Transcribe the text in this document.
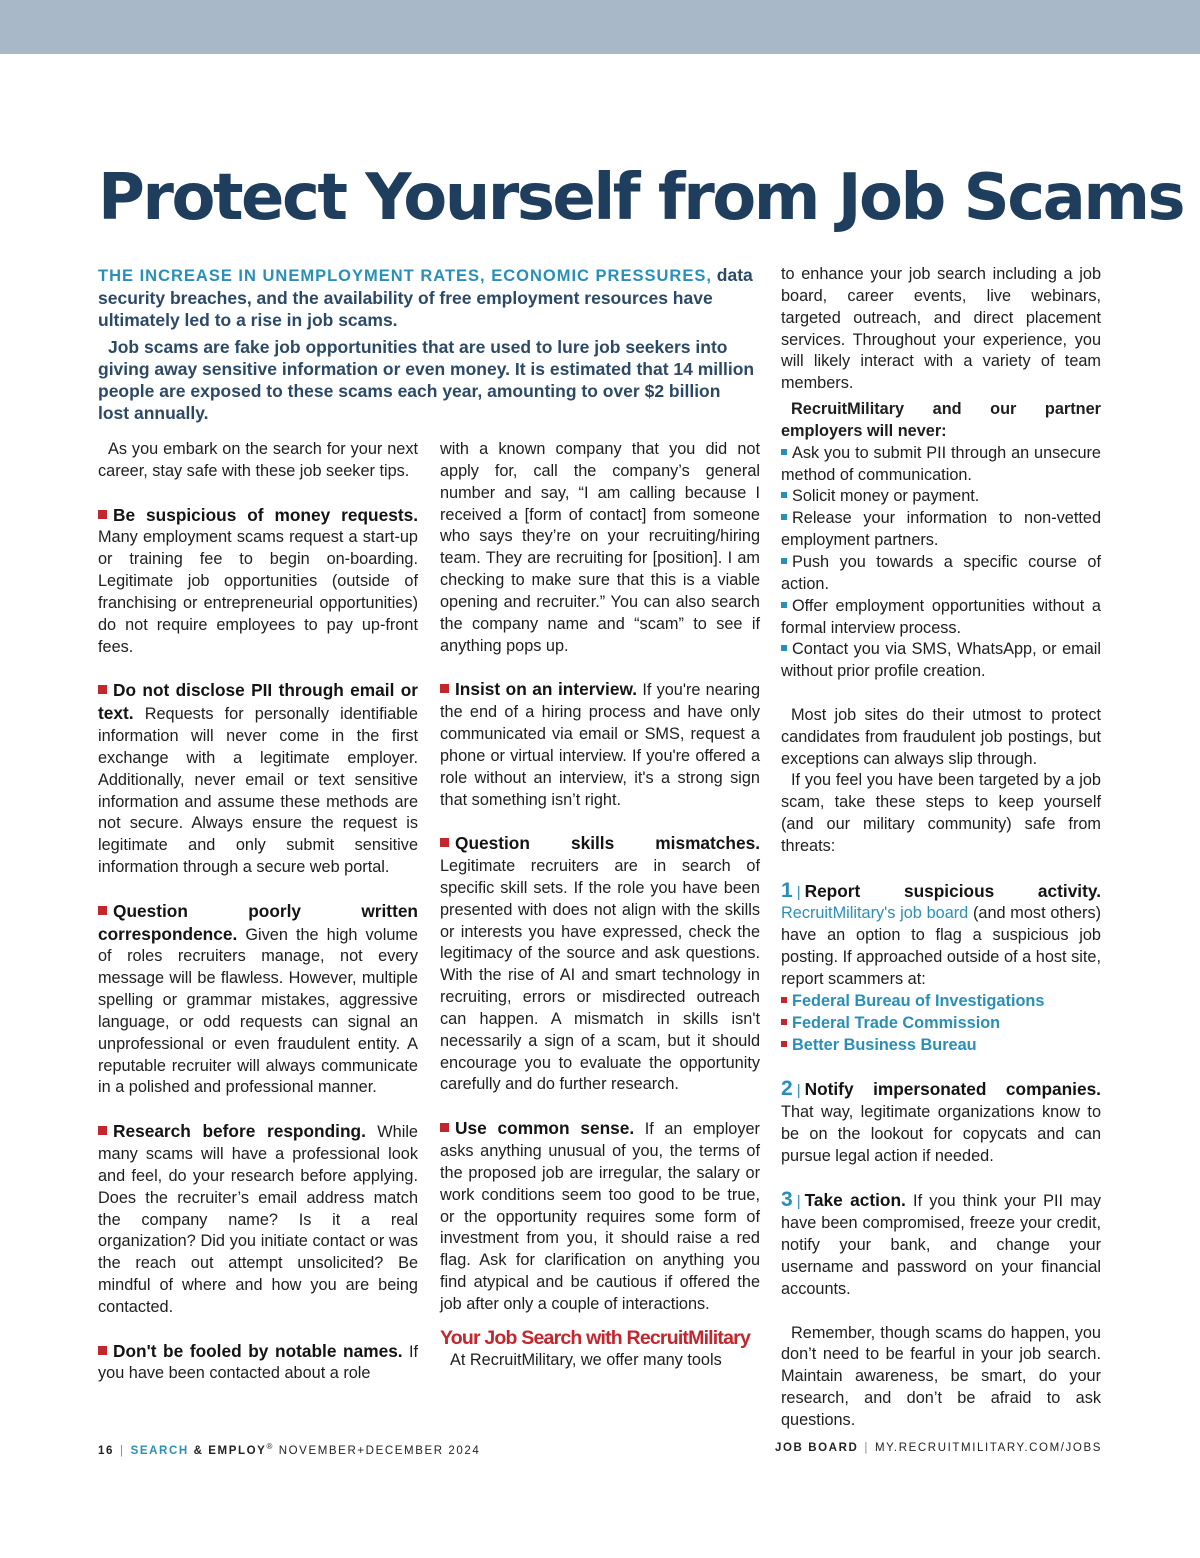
Protect Yourself from Job Scams

THE INCREASE IN UNEMPLOYMENT RATES, ECONOMIC PRESSURES, data security breaches, and the availability of free employment resources have ultimately led to a rise in job scams.

Job scams are fake job opportunities that are used to lure job seekers into giving away sensitive information or even money. It is estimated that 14 million people are exposed to these scams each year, amounting to over $2 billion lost annually.

As you embark on the search for your next career, stay safe with these job seeker tips.

Be suspicious of money requests. Many employment scams request a start-up or training fee to begin on-boarding. Legitimate job opportunities (outside of franchising or entrepreneurial opportunities) do not require employees to pay up-front fees.

Do not disclose PII through email or text. Requests for personally identifiable information will never come in the first exchange with a legitimate employer. Additionally, never email or text sensitive information and assume these methods are not secure. Always ensure the request is legitimate and only submit sensitive information through a secure web portal.

Question poorly written correspondence. Given the high volume of roles recruiters manage, not every message will be flawless. However, multiple spelling or grammar mistakes, aggressive language, or odd requests can signal an unprofessional or even fraudulent entity. A reputable recruiter will always communicate in a polished and professional manner.

Research before responding. While many scams will have a professional look and feel, do your research before applying. Does the recruiter’s email address match the company name? Is it a real organization? Did you initiate contact or was the reach out attempt unsolicited? Be mindful of where and how you are being contacted.

Don't be fooled by notable names. If you have been contacted about a role

with a known company that you did not apply for, call the company’s general number and say, “I am calling because I received a [form of contact] from someone who says they’re on your recruiting/hiring team. They are recruiting for [position]. I am checking to make sure that this is a viable opening and recruiter.” You can also search the company name and “scam” to see if anything pops up.

Insist on an interview. If you're nearing the end of a hiring process and have only communicated via email or SMS, request a phone or virtual interview. If you're offered a role without an interview, it's a strong sign that something isn’t right.

Question skills mismatches. Legitimate recruiters are in search of specific skill sets. If the role you have been presented with does not align with the skills or interests you have expressed, check the legitimacy of the source and ask questions. With the rise of AI and smart technology in recruiting, errors or misdirected outreach can happen. A mismatch in skills isn't necessarily a sign of a scam, but it should encourage you to evaluate the opportunity carefully and do further research.

Use common sense. If an employer asks anything unusual of you, the terms of the proposed job are irregular, the salary or work conditions seem too good to be true, or the opportunity requires some form of investment from you, it should raise a red flag. Ask for clarification on anything you find atypical and be cautious if offered the job after only a couple of interactions.

Your Job Search with RecruitMilitary

At RecruitMilitary, we offer many tools

to enhance your job search including a job board, career events, live webinars, targeted outreach, and direct placement services. Throughout your experience, you will likely interact with a variety of team members.

RecruitMilitary and our partner employers will never:

Ask you to submit PII through an unsecure method of communication.

Solicit money or payment.

Release your information to non-vetted employment partners.

Push you towards a specific course of action.

Offer employment opportunities without a formal interview process.

Contact you via SMS, WhatsApp, or email without prior profile creation.

Most job sites do their utmost to protect candidates from fraudulent job postings, but exceptions can always slip through.

If you feel you have been targeted by a job scam, take these steps to keep yourself (and our military community) safe from threats:

1 | Report suspicious activity. RecruitMilitary's job board (and most others) have an option to flag a suspicious job posting. If approached outside of a host site, report scammers at:

Federal Bureau of Investigations

Federal Trade Commission

Better Business Bureau

2 | Notify impersonated companies. That way, legitimate organizations know to be on the lookout for copycats and can pursue legal action if needed.

3 | Take action. If you think your PII may have been compromised, freeze your credit, notify your bank, and change your username and password on your financial accounts.

Remember, though scams do happen, you don’t need to be fearful in your job search. Maintain awareness, be smart, do your research, and don’t be afraid to ask questions.

16 | SEARCH & EMPLOY® NOVEMBER+DECEMBER 2024	JOB BOARD | MY.RECRUITMILITARY.COM/JOBS
